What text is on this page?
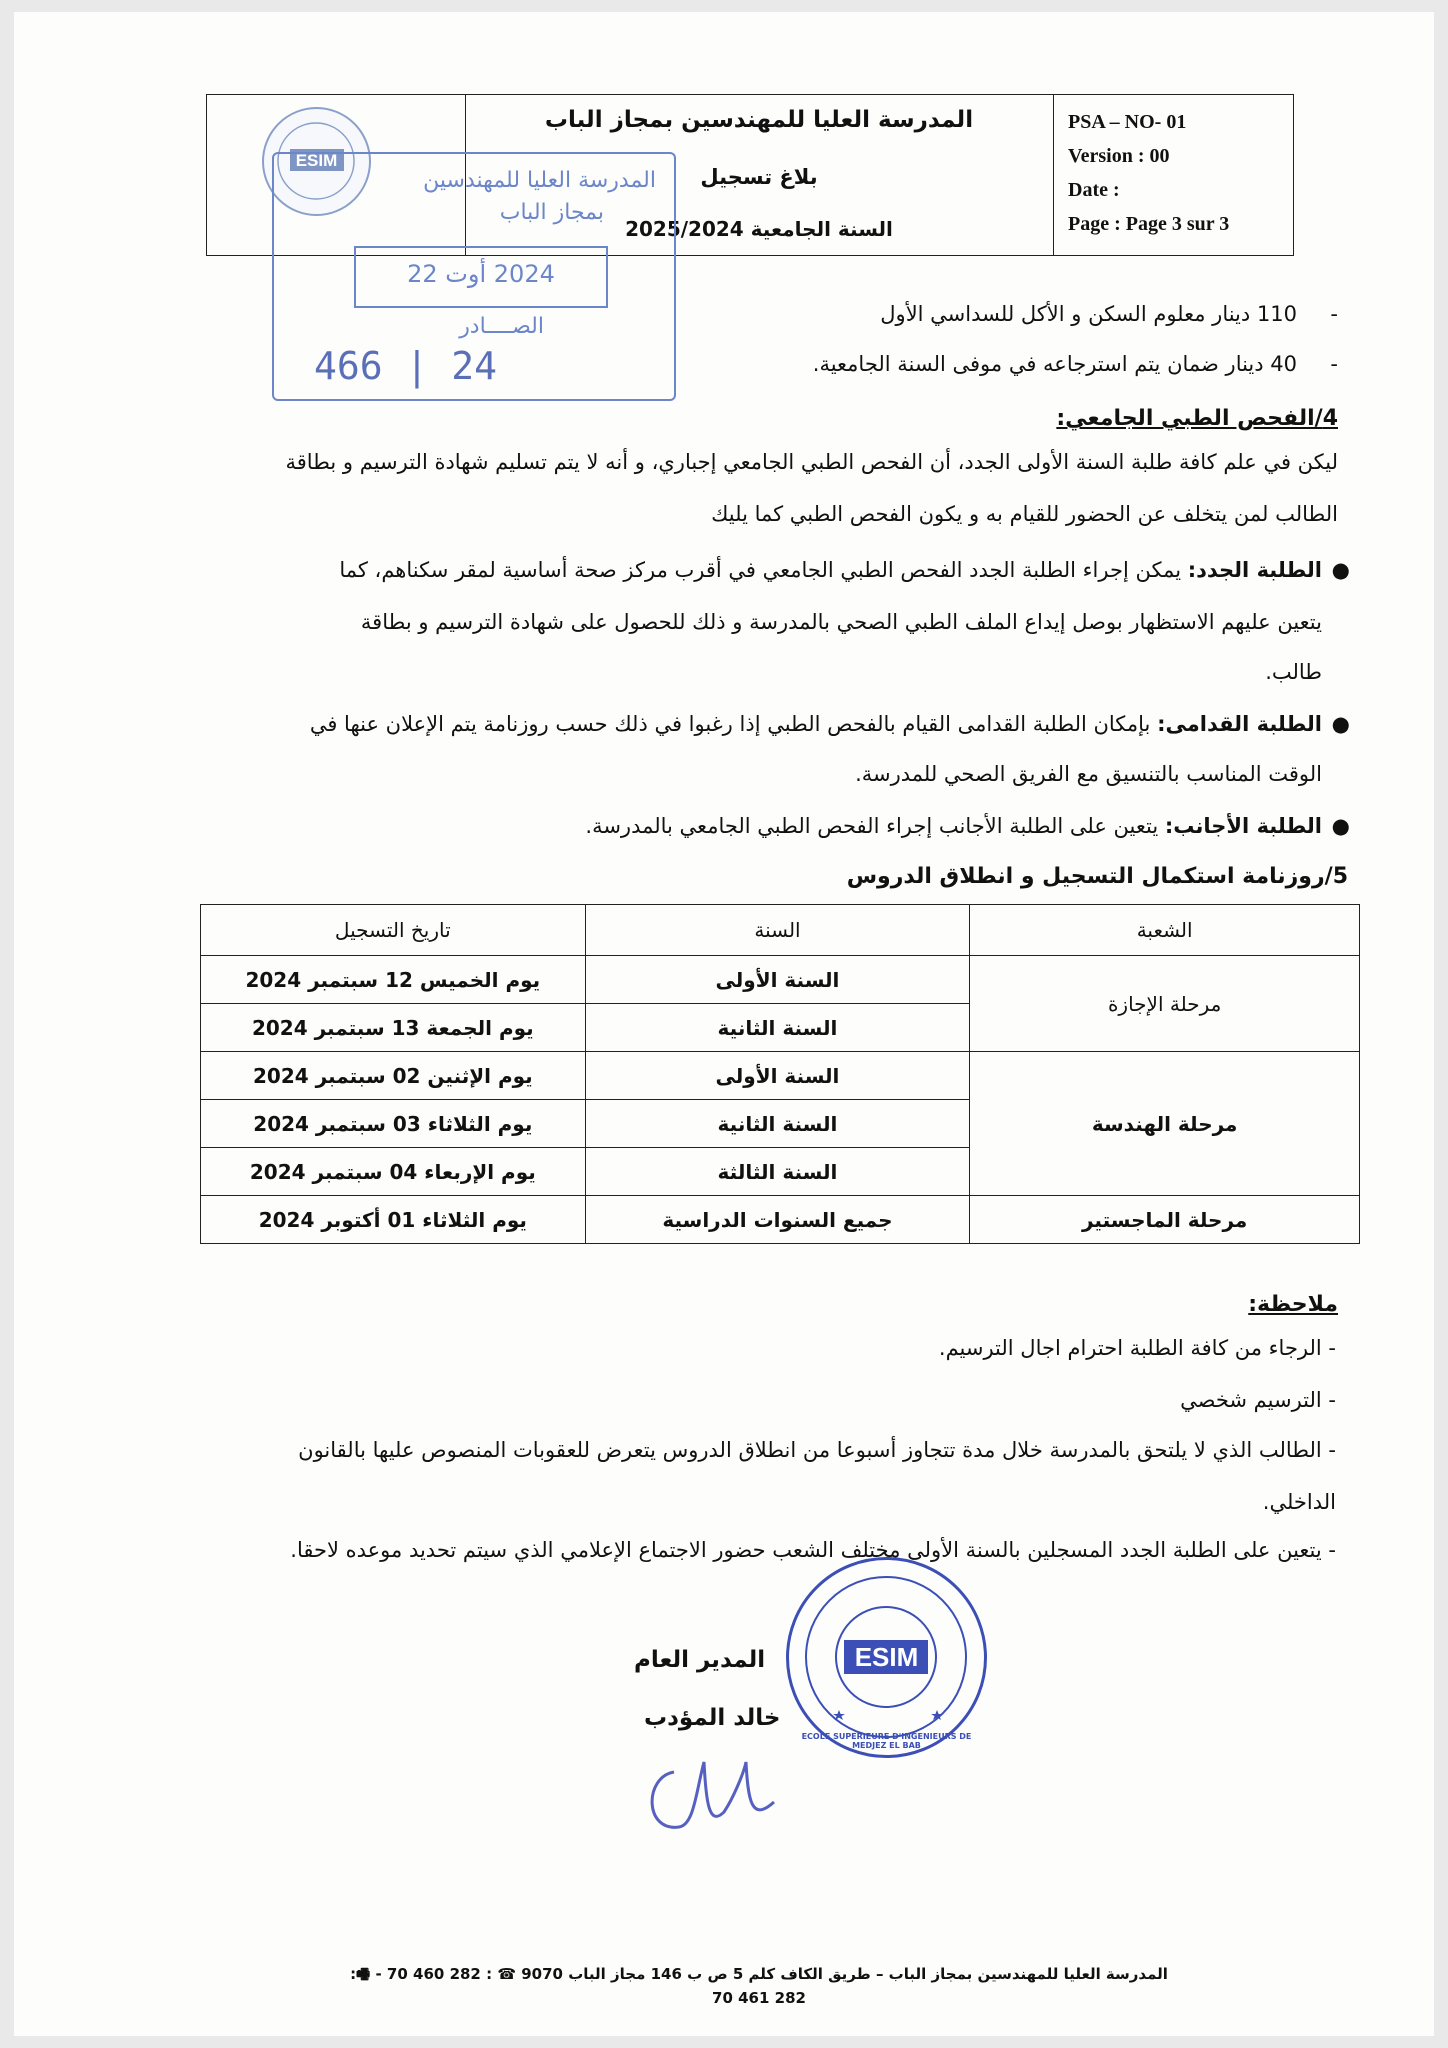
المدرسة العليا للمهندسين بمجاز الباب
بلاغ تسجيل
السنة الجامعية 2025/2024
PSA – NO- 01
Version : 00
Date :
Page : Page 3 sur 3
ESIM
المدرسة العليا للمهندسين
بمجاز الباب
2024 أوت 22
الصــــادر
466 | 24
-     110 دينار معلوم السكن و الأكل للسداسي الأول
-     40 دينار ضمان يتم استرجاعه في موفى السنة الجامعية.
4/الفحص الطبي الجامعي:
ليكن في علم كافة طلبة السنة الأولى الجدد، أن الفحص الطبي الجامعي إجباري، و أنه لا يتم تسليم شهادة الترسيم و بطاقة
الطالب لمن يتخلف عن الحضور للقيام به و يكون الفحص الطبي كما يليك
●
الطلبة الجدد: يمكن إجراء الطلبة الجدد الفحص الطبي الجامعي في أقرب مركز صحة أساسية لمقر سكناهم، كما
يتعين عليهم الاستظهار بوصل إيداع الملف الطبي الصحي بالمدرسة و ذلك للحصول على شهادة الترسيم و بطاقة
طالب.
●
الطلبة القدامى: بإمكان الطلبة القدامى القيام بالفحص الطبي إذا رغبوا في ذلك حسب روزنامة يتم الإعلان عنها في
الوقت المناسب بالتنسيق مع الفريق الصحي للمدرسة.
●
الطلبة الأجانب: يتعين على الطلبة الأجانب إجراء الفحص الطبي الجامعي بالمدرسة.
5/روزنامة استكمال التسجيل و انطلاق الدروس
الشعبة	السنة	تاريخ التسجيل
مرحلة الإجازة	السنة الأولى	يوم الخميس 12 سبتمبر 2024
	السنة الثانية	يوم الجمعة 13 سبتمبر 2024
مرحلة الهندسة	السنة الأولى	يوم الإثنين 02 سبتمبر 2024
	السنة الثانية	يوم الثلاثاء 03 سبتمبر 2024
	السنة الثالثة	يوم الإربعاء 04 سبتمبر 2024
مرحلة الماجستير	جميع السنوات الدراسية	يوم الثلاثاء 01 أكتوبر 2024
ملاحظة:
- الرجاء من كافة الطلبة احترام اجال الترسيم.
- الترسيم شخصي
- الطالب الذي لا يلتحق بالمدرسة خلال مدة تتجاوز أسبوعا من انطلاق الدروس يتعرض للعقوبات المنصوص عليها بالقانون
الداخلي.
- يتعين على الطلبة الجدد المسجلين بالسنة الأولى مختلف الشعب حضور الاجتماع الإعلامي الذي سيتم تحديد موعده لاحقا.
المدير العام
خالد المؤدب
ESIM
ECOLE SUPERIEURE D'INGENIEURS DE MEDJEZ EL BAB
المدرسة العليا للمهندسين بمجاز الباب – طريق الكاف كلم 5 ص ب 146 مجاز الباب 9070 ☎ : 282 460 70 - 🖷: 282 461 70
